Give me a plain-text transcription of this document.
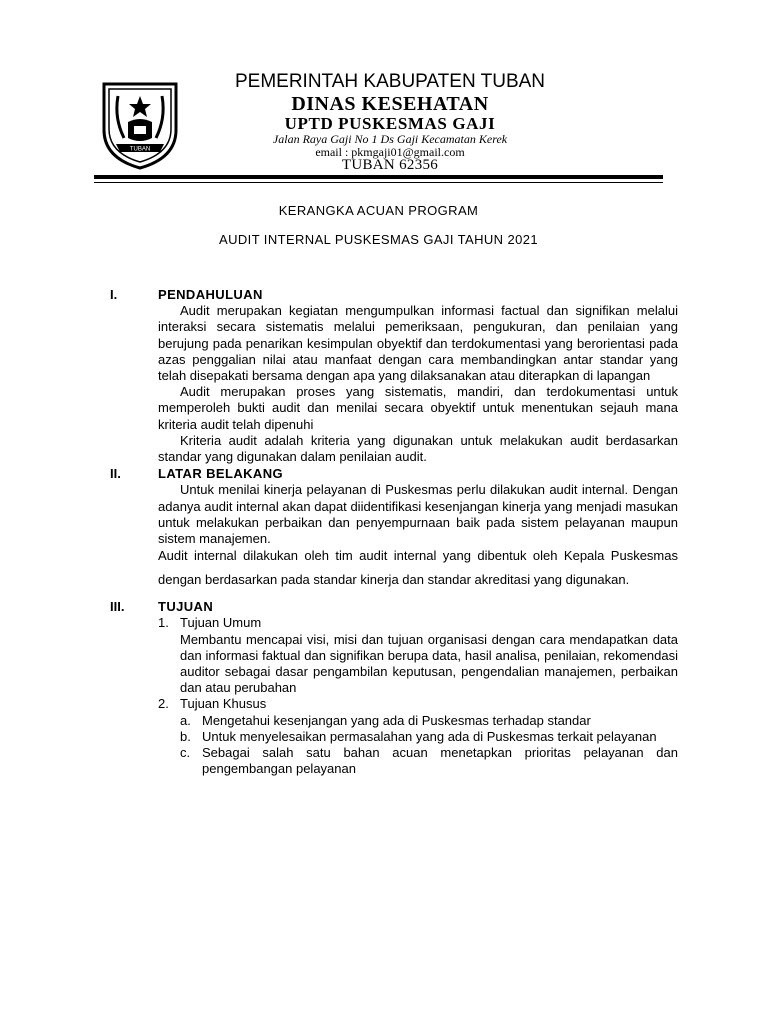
TUBAN
PEMERINTAH KABUPATEN TUBAN
DINAS KESEHATAN
UPTD PUSKESMAS GAJI
Jalan Raya Gaji No 1 Ds Gaji Kecamatan Kerek
email : pkmgaji01@gmail.com
TUBAN 62356
KERANGKA ACUAN PROGRAM
AUDIT INTERNAL PUSKESMAS GAJI TAHUN 2021
I.	PENDAHULUAN
Audit merupakan kegiatan mengumpulkan informasi factual dan signifikan melalui interaksi secara sistematis melalui pemeriksaan, pengukuran, dan penilaian yang berujung pada penarikan kesimpulan obyektif dan terdokumentasi yang berorientasi pada azas penggalian nilai atau manfaat dengan cara membandingkan antar standar yang telah disepakati bersama dengan apa yang dilaksanakan atau diterapkan di lapangan
Audit merupakan proses yang sistematis, mandiri, dan terdokumentasi untuk memperoleh bukti audit dan menilai secara obyektif untuk menentukan sejauh mana kriteria audit telah dipenuhi
Kriteria audit adalah kriteria yang digunakan untuk melakukan audit berdasarkan standar yang digunakan dalam penilaian audit.
II.	LATAR BELAKANG
Untuk menilai kinerja pelayanan di Puskesmas perlu dilakukan audit internal. Dengan adanya audit internal akan dapat diidentifikasi kesenjangan kinerja yang menjadi masukan untuk melakukan perbaikan dan penyempurnaan baik pada sistem pelayanan maupun sistem manajemen.
Audit internal dilakukan oleh tim audit internal yang dibentuk oleh Kepala Puskesmas dengan berdasarkan pada standar kinerja dan standar akreditasi yang digunakan.
III.	TUJUAN
1. Tujuan Umum
Membantu mencapai visi, misi dan tujuan organisasi dengan cara mendapatkan data dan informasi faktual dan signifikan berupa data, hasil analisa, penilaian, rekomendasi auditor sebagai dasar pengambilan keputusan, pengendalian manajemen, perbaikan dan atau perubahan
2. Tujuan Khusus
a. Mengetahui kesenjangan yang ada di Puskesmas terhadap standar
b. Untuk menyelesaikan permasalahan yang ada di Puskesmas terkait pelayanan
c. Sebagai salah satu bahan acuan menetapkan prioritas pelayanan dan pengembangan pelayanan
